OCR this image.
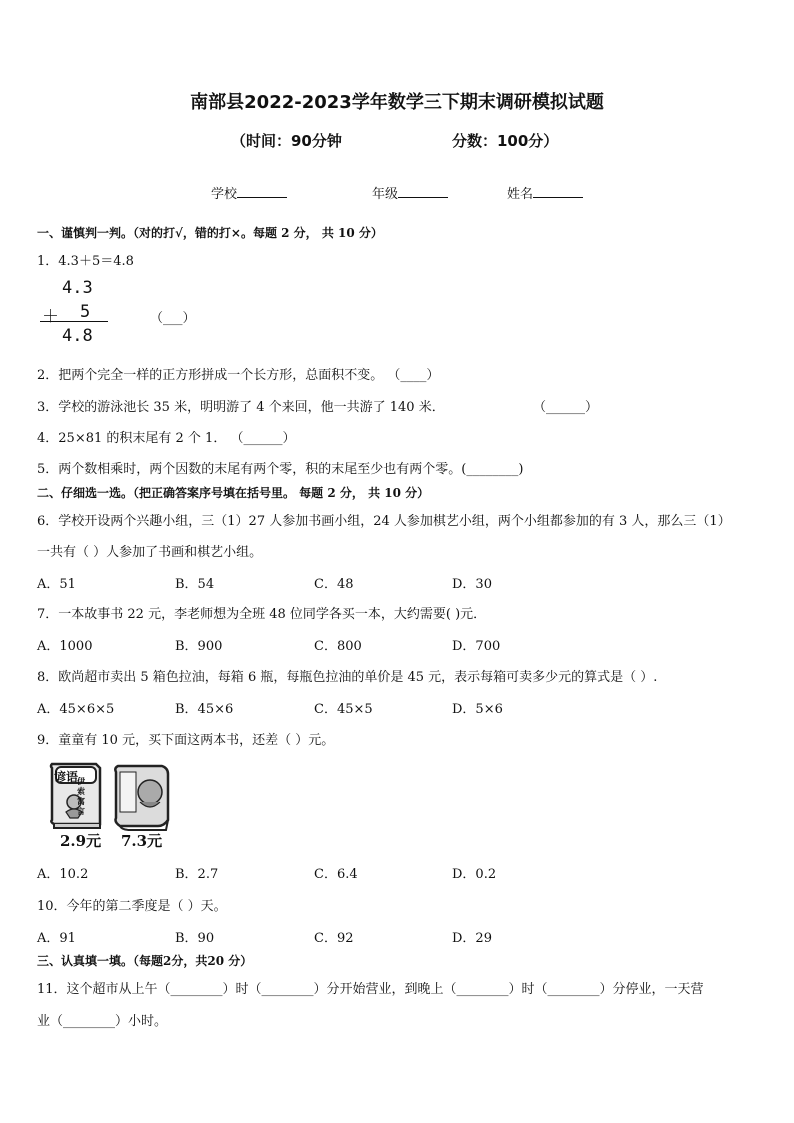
南部县2022-2023学年数学三下期末调研模拟试题
（时间：90分钟	分数：100分）
学校	年级	姓名
一、谨慎判一判。（对的打√，错的打×。每题 2 分， 共 10 分）
1．4.3＋5＝4.8
4.3
＋ 5
4.8
（___）
2．把两个完全一样的正方形拼成一个长方形，总面积不变。 （____）
3．学校的游泳池长 35 米，明明游了 4 个来回，他一共游了 140 米．	（______）
4．25×81 的积末尾有 2 个 1． （______）
5．两个数相乘时，两个因数的末尾有两个零，积的末尾至少也有两个零。(________)
二、仔细选一选。（把正确答案序号填在括号里。 每题 2 分， 共 10 分）
6．学校开设两个兴趣小组，三（1）27 人参加书画小组，24 人参加棋艺小组，两个小组都参加的有 3 人，那么三（1）
一共有（ ）人参加了书画和棋艺小组。
A．51	B．54	C．48	D．30
7．一本故事书 22 元，李老师想为全班 48 位同学各买一本，大约需要( )元．
A．1000	B．900	C．800	D．700
8．欧尚超市卖出 5 箱色拉油，每箱 6 瓶，每瓶色拉油的单价是 45 元，表示每箱可卖多少元的算式是（ ）.
A．45×6×5	B．45×6	C．45×5	D．5×6
9．童童有 10 元，买下面这两本书，还差（ ）元。
谚语
伊索寓言
2.9元 7.3元
A．10.2	B．2.7	C．6.4	D．0.2
10．今年的第二季度是（ ）天。
A．91	B．90	C．92	D．29
三、认真填一填。（每题2分，共20 分）
11．这个超市从上午（________）时（________）分开始营业，到晚上（________）时（________）分停业，一天营
业（________）小时。
